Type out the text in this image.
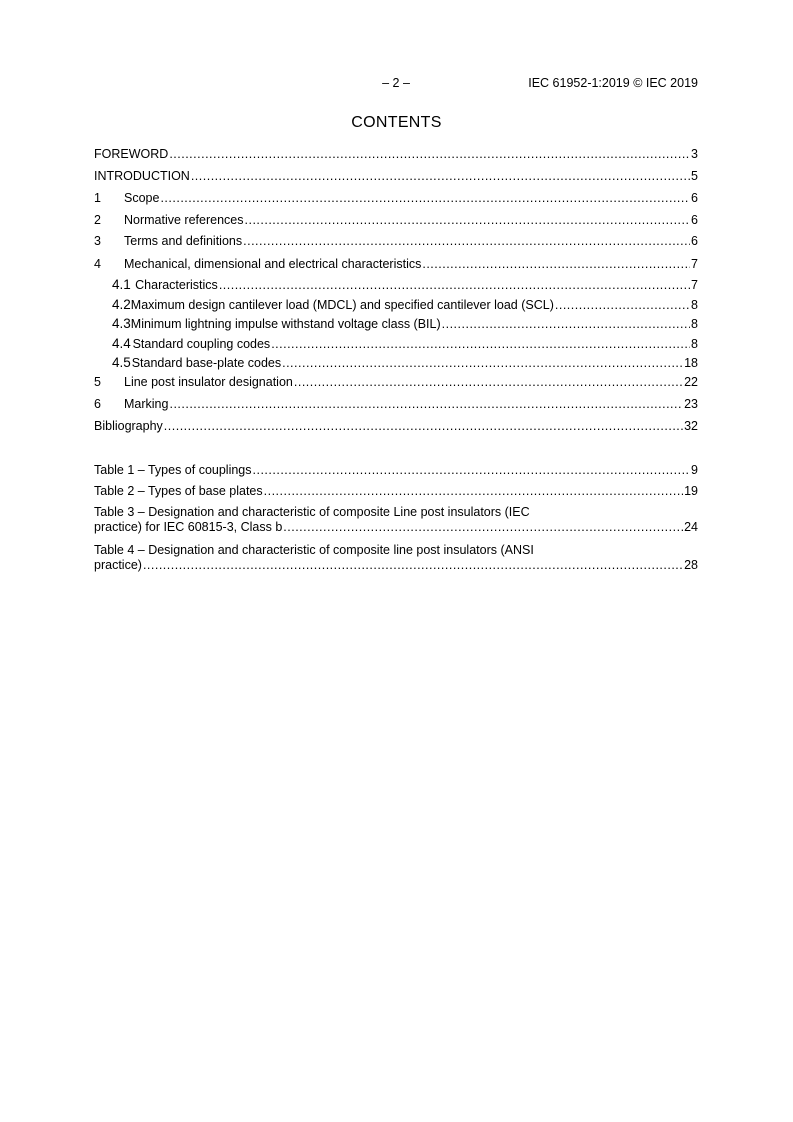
– 2 –	IEC 61952-1:2019 © IEC 2019
CONTENTS
FOREWORD .....	3
INTRODUCTION .....	5
1	Scope .....	6
2	Normative references .....	6
3	Terms and definitions .....	6
4	Mechanical, dimensional and electrical characteristics .....	7
4.1 Characteristics .....	7
4.2 Maximum design cantilever load (MDCL) and specified cantilever load (SCL) .....	8
4.3 Minimum lightning impulse withstand voltage class (BIL) .....	8
4.4 Standard coupling codes .....	8
4.5 Standard base-plate codes .....	18
5	Line post insulator designation .....	22
6	Marking .....	23
Bibliography .....	32
Table 1 – Types of couplings .....	9
Table 2 – Types of base plates .....	19
Table 3 – Designation and characteristic of composite Line post insulators (IEC
practice) for IEC 60815-3, Class b .....	24
Table 4 – Designation and characteristic of composite line post insulators (ANSI
practice) .....	28
